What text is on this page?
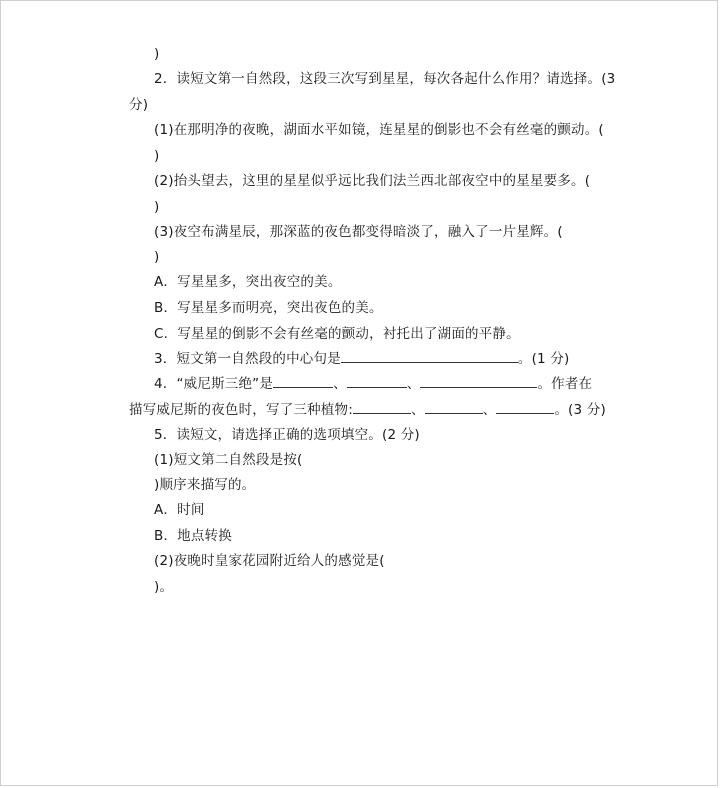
)
2．读短文第一自然段，这段三次写到星星，每次各起什么作用？请选择。(3
分)
(1)在那明净的夜晚，湖面水平如镜，连星星的倒影也不会有丝毫的颤动。(
)
(2)抬头望去，这里的星星似乎远比我们法兰西北部夜空中的星星要多。(
)
(3)夜空布满星辰，那深蓝的夜色都变得暗淡了，融入了一片星辉。(
)
A．写星星多，突出夜空的美。
B．写星星多而明亮，突出夜色的美。
C．写星星的倒影不会有丝毫的颤动，衬托出了湖面的平静。
3．短文第一自然段的中心句是	。(1 分)
4．“威尼斯三绝”是	、	、	。作者在
描写威尼斯的夜色时，写了三种植物:	、	、	。(3 分)
5．读短文，请选择正确的选项填空。(2 分)
(1)短文第二自然段是按(
)顺序来描写的。
A．时间
B．地点转换
(2)夜晚时皇家花园附近给人的感觉是(
)。
